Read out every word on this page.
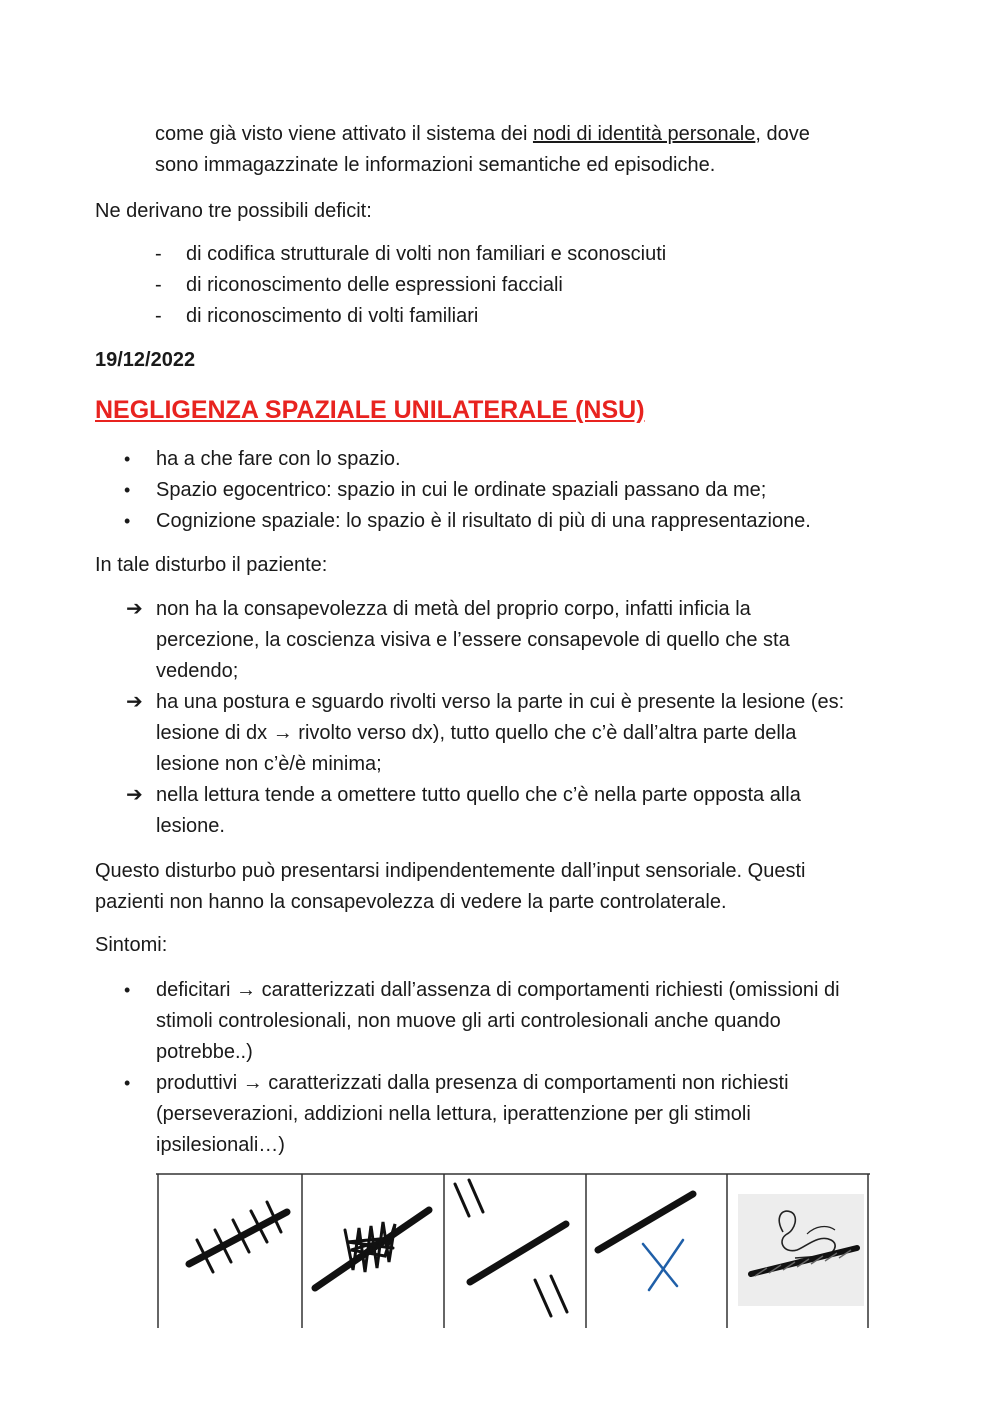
come già visto viene attivato il sistema dei nodi di identità personale, dove
sono immagazzinate le informazioni semantiche ed episodiche.
Ne derivano tre possibili deficit:
- di codifica strutturale di volti non familiari e sconosciuti
- di riconoscimento delle espressioni facciali
- di riconoscimento di volti familiari
19/12/2022
NEGLIGENZA SPAZIALE UNILATERALE (NSU)
• ha a che fare con lo spazio.
• Spazio egocentrico: spazio in cui le ordinate spaziali passano da me;
• Cognizione spaziale: lo spazio è il risultato di più di una rappresentazione.
In tale disturbo il paziente:
➔ non ha la consapevolezza di metà del proprio corpo, infatti inficia la
percezione, la coscienza visiva e l’essere consapevole di quello che sta
vedendo;
➔ ha una postura e sguardo rivolti verso la parte in cui è presente la lesione (es:
lesione di dx → rivolto verso dx), tutto quello che c’è dall’altra parte della
lesione non c’è/è minima;
➔ nella lettura tende a omettere tutto quello che c’è nella parte opposta alla
lesione.
Questo disturbo può presentarsi indipendentemente dall’input sensoriale. Questi
pazienti non hanno la consapevolezza di vedere la parte controlaterale.
Sintomi:
• deficitari → caratterizzati dall’assenza di comportamenti richiesti (omissioni di
stimoli controlesionali, non muove gli arti controlesionali anche quando
potrebbe..)
• produttivi → caratterizzati dalla presenza di comportamenti non richiesti
(perseverazioni, addizioni nella lettura, iperattenzione per gli stimoli
ipsilesionali…)
